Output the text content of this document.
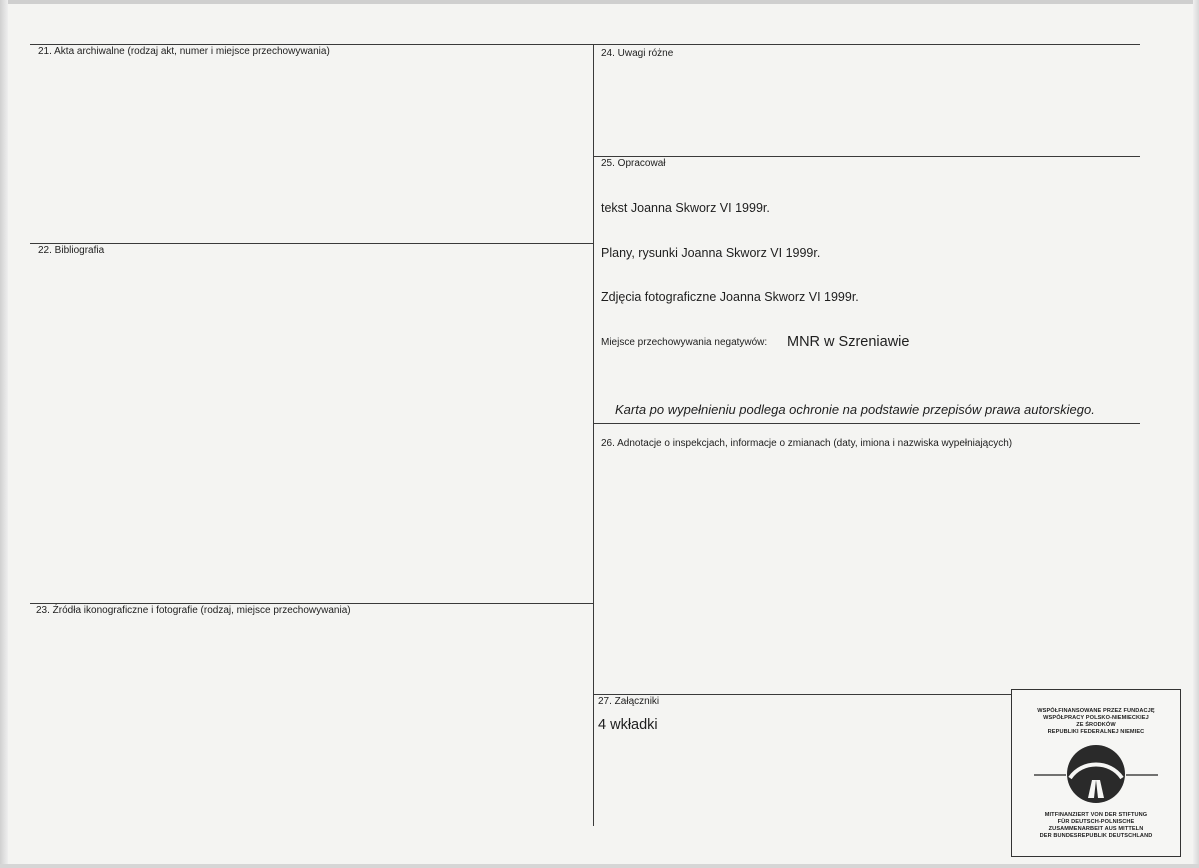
21. Akta archiwalne (rodzaj akt, numer i miejsce przechowywania)
22. Bibliografia
23. Źródła ikonograficzne i fotografie (rodzaj, miejsce przechowywania)
24. Uwagi różne
25. Opracował
tekst Joanna Skworz VI 1999r.
Plany, rysunki Joanna Skworz VI 1999r.
Zdjęcia fotograficzne Joanna Skworz VI 1999r.
Miejsce przechowywania negatywów: MNR w Szreniawie
Karta po wypełnieniu podlega ochronie na podstawie przepisów prawa autorskiego.
26. Adnotacje o inspekcjach, informacje o zmianach (daty, imiona i nazwiska wypełniających)
27. Załączniki
4 wkładki
WSPÓŁFINANSOWANE PRZEZ FUNDACJĘ
WSPÓŁPRACY POLSKO-NIEMIECKIEJ
ZE ŚRODKÓW
REPUBLIKI FEDERALNEJ NIEMIEC
MITFINANZIERT VON DER STIFTUNG
FÜR DEUTSCH-POLNISCHE
ZUSAMMENARBEIT AUS MITTELN
DER BUNDESREPUBLIK DEUTSCHLAND
